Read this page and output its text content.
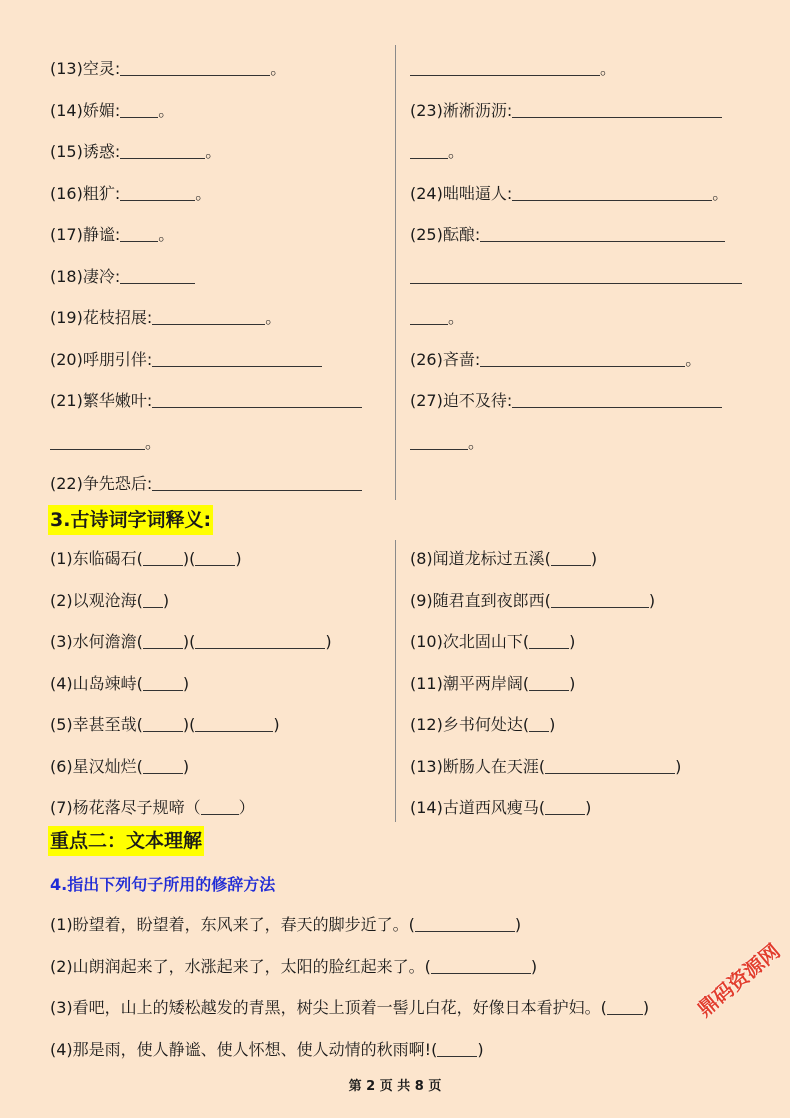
(13)空灵:	。
(14)娇媚: 。
(15)诱惑:	。
(16)粗犷:	。
(17)静谧: 。
(18)凄冷:
(19)花枝招展:	。
(20)呼朋引伴:
(21)繁华嫩叶:
。
(22)争先恐后:
。
(23)淅淅沥沥:
。
(24)咄咄逼人:	。
(25)酝酿:
。
(26)吝啬:	。
(27)迫不及待:
。
3.古诗词字词释义:
(1)东临碣石(	)(	)
(2)以观沧海( )
(3)水何澹澹(	)(	)
(4)山岛竦峙(	)
(5)幸甚至哉(	)(	)
(6)星汉灿烂(	)
(7)杨花落尽子规啼（ ）
(8)闻道龙标过五溪(	)
(9)随君直到夜郎西(	)
(10)次北固山下(	)
(11)潮平两岸阔(	)
(12)乡书何处达( )
(13)断肠人在天涯(	)
(14)古道西风瘦马(	)
重点二：文本理解
4.指出下列句子所用的修辞方法
(1)盼望着，盼望着，东风来了，春天的脚步近了。(	)
(2)山朗润起来了，水涨起来了，太阳的脸红起来了。(	)
(3)看吧，山上的矮松越发的青黑，树尖上顶着一髻儿白花，好像日本看护妇。( )
(4)那是雨，使人静谧、使人怀想、使人动情的秋雨啊!(	)
第 2 页 共 8 页
鼎码资源网
